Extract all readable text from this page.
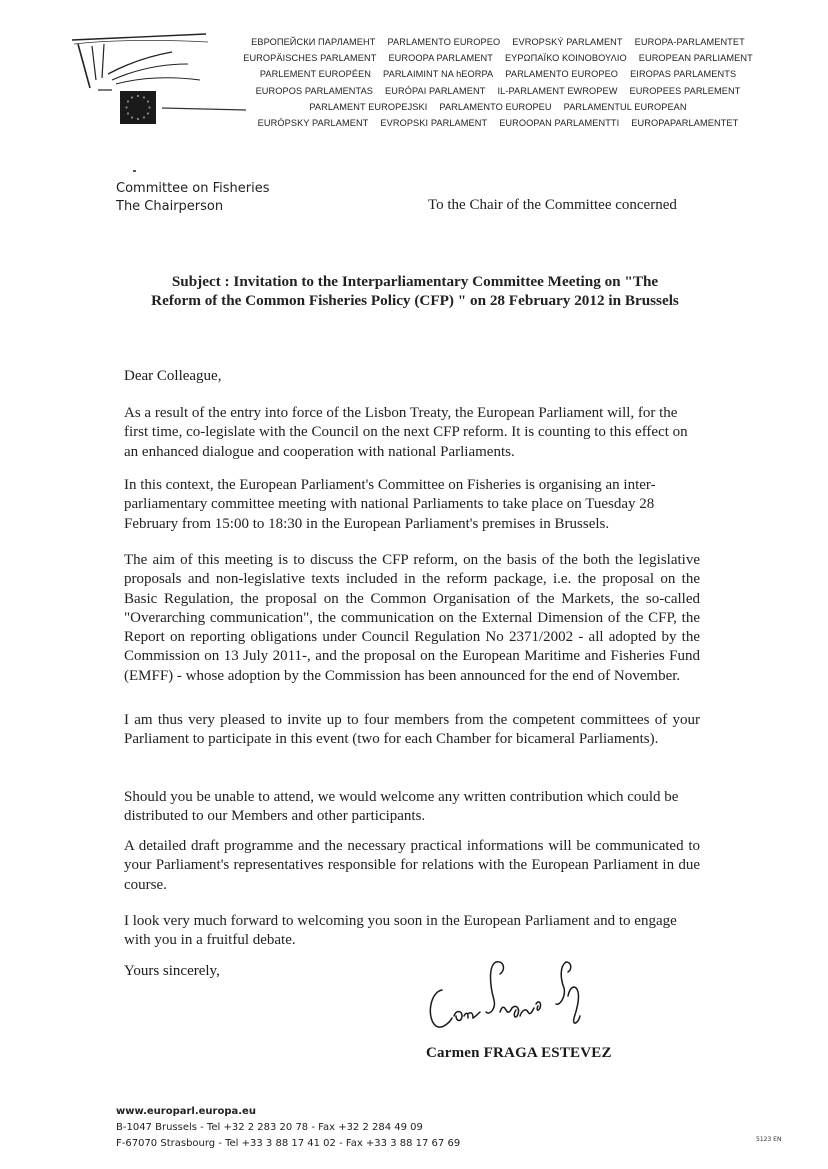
ЕВРОПЕЙСКИ ПАРЛАМЕНТ PARLAMENTO EUROPEO EVROPSKÝ PARLAMENT EUROPA-PARLAMENTET
EUROPÄISCHES PARLAMENT EUROOPA PARLAMENT ΕΥΡΩΠΑΪΚΟ ΚΟΙΝΟΒΟΥΛΙΟ EUROPEAN PARLIAMENT
PARLEMENT EUROPÉEN PARLAIMINT NA hEORPA PARLAMENTO EUROPEO EIROPAS PARLAMENTS
EUROPOS PARLAMENTAS EURÓPAI PARLAMENT IL-PARLAMENT EWROPEW EUROPEES PARLEMENT
PARLAMENT EUROPEJSKI PARLAMENTO EUROPEU PARLAMENTUL EUROPEAN
EURÓPSKY PARLAMENT EVROPSKI PARLAMENT EUROOPAN PARLAMENTTI EUROPAPARLAMENTET
Committee on Fisheries
The Chairperson	To the Chair of the Committee concerned
Subject : Invitation to the Interparliamentary Committee Meeting on "The
Reform of the Common Fisheries Policy (CFP) " on 28 February 2012 in Brussels
Dear Colleague,
As a result of the entry into force of the Lisbon Treaty, the European Parliament will, for the first time, co-legislate with the Council on the next CFP reform. It is counting to this effect on an enhanced dialogue and cooperation with national Parliaments.
In this context, the European Parliament's Committee on Fisheries is organising an inter-parliamentary committee meeting with national Parliaments to take place on Tuesday 28 February from 15:00 to 18:30 in the European Parliament's premises in Brussels.
The aim of this meeting is to discuss the CFP reform, on the basis of the both the legislative proposals and non-legislative texts included in the reform package, i.e. the proposal on the Basic Regulation, the proposal on the Common Organisation of the Markets, the so-called "Overarching communication", the communication on the External Dimension of the CFP, the Report on reporting obligations under Council Regulation No 2371/2002 - all adopted by the Commission on 13 July 2011-, and the proposal on the European Maritime and Fisheries Fund (EMFF) - whose adoption by the Commission has been announced for the end of November.
I am thus very pleased to invite up to four members from the competent committees of your Parliament to participate in this event (two for each Chamber for bicameral Parliaments).
Should you be unable to attend, we would welcome any written contribution which could be distributed to our Members and other participants.
A detailed draft programme and the necessary practical informations will be communicated to your Parliament's representatives responsible for relations with the European Parliament in due course.
I look very much forward to welcoming you soon in the European Parliament and to engage with you in a fruitful debate.
Yours sincerely,
Carmen FRAGA ESTEVEZ
www.europarl.europa.eu
B-1047 Brussels - Tel +32 2 283 20 78 - Fax +32 2 284 49 09
F-67070 Strasbourg - Tel +33 3 88 17 41 02 - Fax +33 3 88 17 67 69	5123 EN
